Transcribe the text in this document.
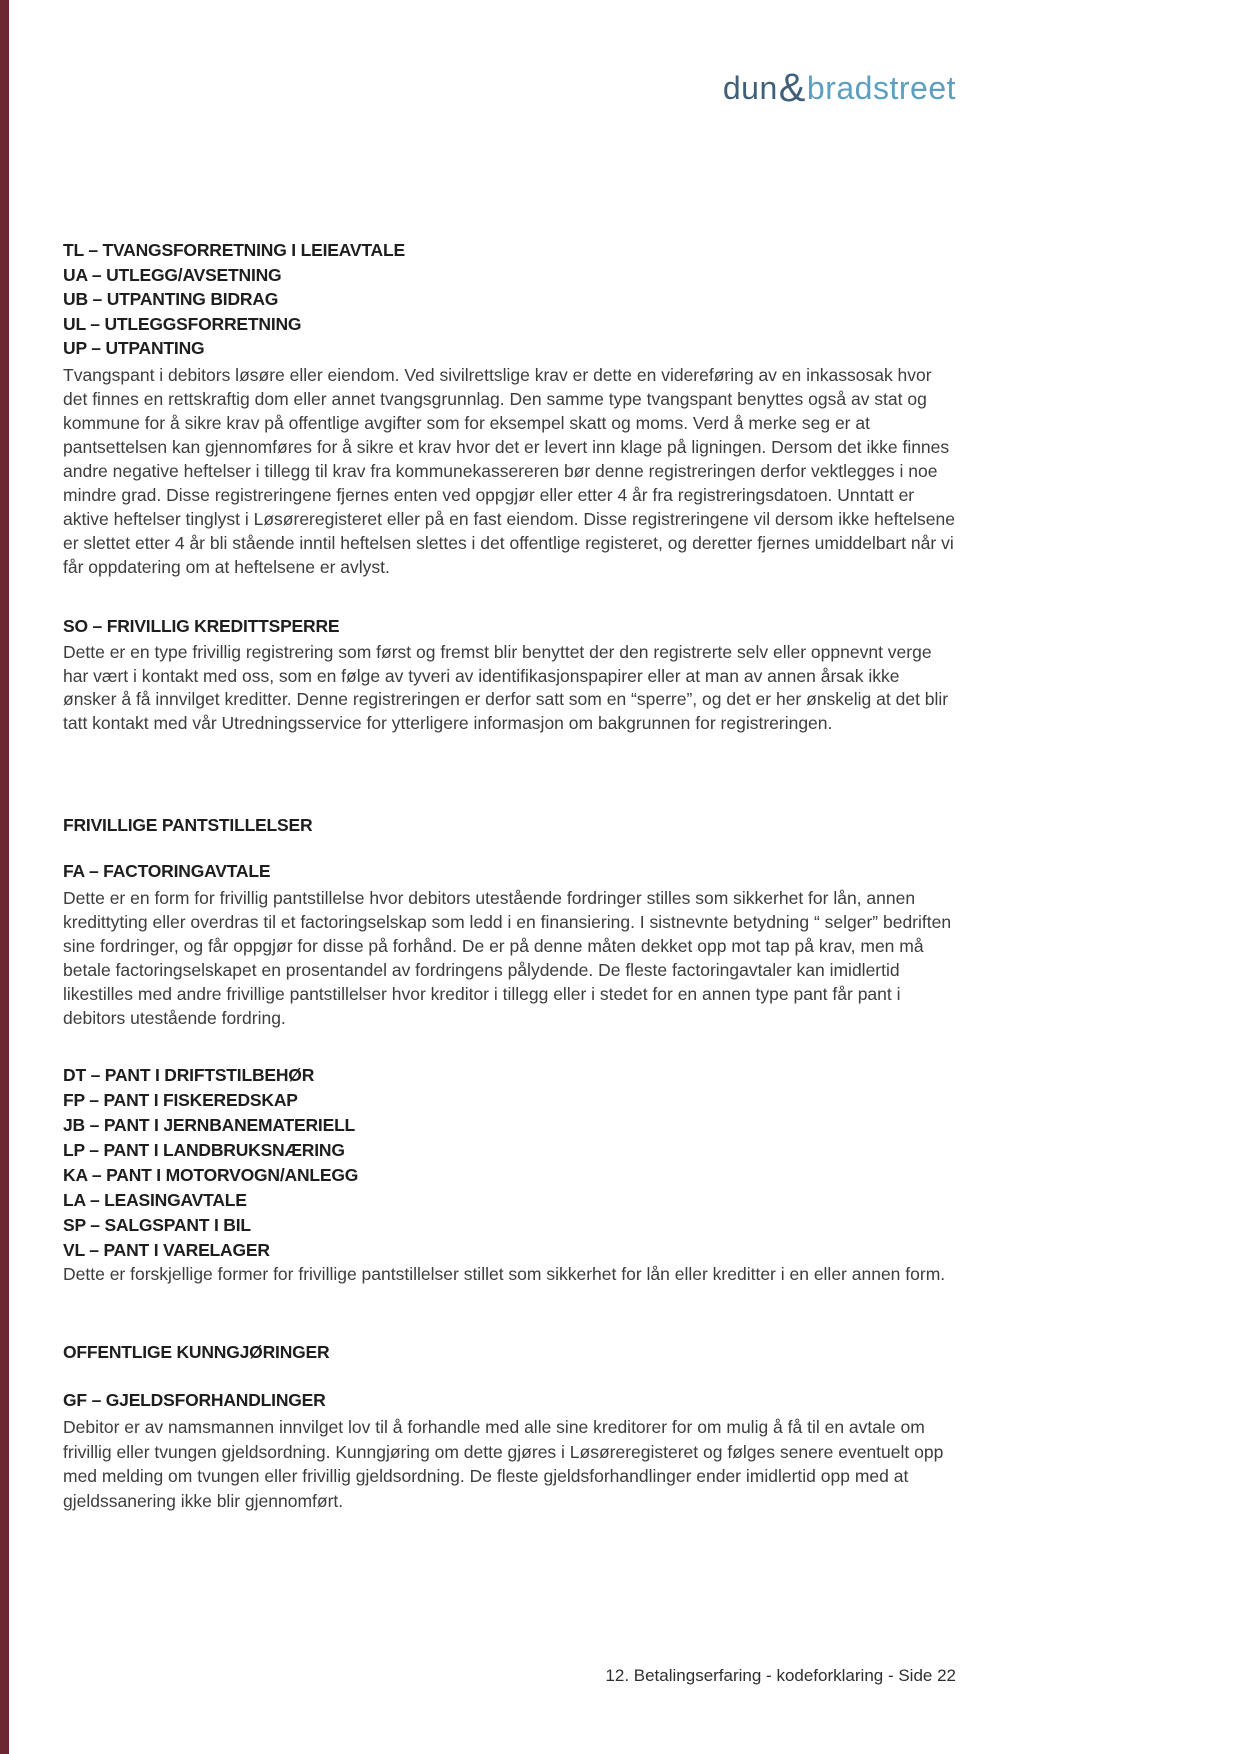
dun&bradstreet
TL – TVANGSFORRETNING I LEIEAVTALE
UA – UTLEGG/AVSETNING
UB – UTPANTING BIDRAG
UL – UTLEGGSFORRETNING
UP – UTPANTING
Tvangspant i debitors løsøre eller eiendom. Ved sivilrettslige krav er dette en videreføring av en inkassosak hvor det finnes en rettskraftig dom eller annet tvangsgrunnlag. Den samme type tvangspant benyttes også av stat og kommune for å sikre krav på offentlige avgifter som for eksempel skatt og moms. Verd å merke seg er at pantsettelsen kan gjennomføres for å sikre et krav hvor det er levert inn klage på ligningen. Dersom det ikke finnes andre negative heftelser i tillegg til krav fra kommunekassereren bør denne registreringen derfor vektlegges i noe mindre grad. Disse registreringene fjernes enten ved oppgjør eller etter 4 år fra registreringsdatoen. Unntatt er aktive heftelser tinglyst i Løsøreregisteret eller på en fast eiendom. Disse registreringene vil dersom ikke heftelsene er slettet etter 4 år bli stående inntil heftelsen slettes i det offentlige registeret, og deretter fjernes umiddelbart når vi får oppdatering om at heftelsene er avlyst.
SO – FRIVILLIG KREDITTSPERRE
Dette er en type frivillig registrering som først og fremst blir benyttet der den registrerte selv eller oppnevnt verge har vært i kontakt med oss, som en følge av tyveri av identifikasjonspapirer eller at man av annen årsak ikke ønsker å få innvilget kreditter. Denne registreringen er derfor satt som en “sperre”, og det er her ønskelig at det blir tatt kontakt med vår Utredningsservice for ytterligere informasjon om bakgrunnen for registreringen.
FRIVILLIGE PANTSTILLELSER
FA – FACTORINGAVTALE
Dette er en form for frivillig pantstillelse hvor debitors utestående fordringer stilles som sikkerhet for lån, annen kredittyting eller overdras til et factoringselskap som ledd i en finansiering. I sistnevnte betydning “ selger” bedriften sine fordringer, og får oppgjør for disse på forhånd. De er på denne måten dekket opp mot tap på krav, men må betale factoringselskapet en prosentandel av fordringens pålydende. De fleste factoringavtaler kan imidlertid likestilles med andre frivillige pantstillelser hvor kreditor i tillegg eller i stedet for en annen type pant får pant i debitors utestående fordring.
DT – PANT I DRIFTSTILBEHØR
FP – PANT I FISKEREDSKAP
JB – PANT I JERNBANEMATERIELL
LP – PANT I LANDBRUKSNÆRING
KA – PANT I MOTORVOGN/ANLEGG
LA – LEASINGAVTALE
SP – SALGSPANT I BIL
VL – PANT I VARELAGER
Dette er forskjellige former for frivillige pantstillelser stillet som sikkerhet for lån eller kreditter i en eller annen form.
OFFENTLIGE KUNNGJØRINGER
GF – GJELDSFORHANDLINGER
Debitor er av namsmannen innvilget lov til å forhandle med alle sine kreditorer for om mulig å få til en avtale om frivillig eller tvungen gjeldsordning. Kunngjøring om dette gjøres i Løsøreregisteret og følges senere eventuelt opp med melding om tvungen eller frivillig gjeldsordning. De fleste gjeldsforhandlinger ender imidlertid opp med at gjeldssanering ikke blir gjennomført.
12. Betalingserfaring - kodeforklaring - Side 22
